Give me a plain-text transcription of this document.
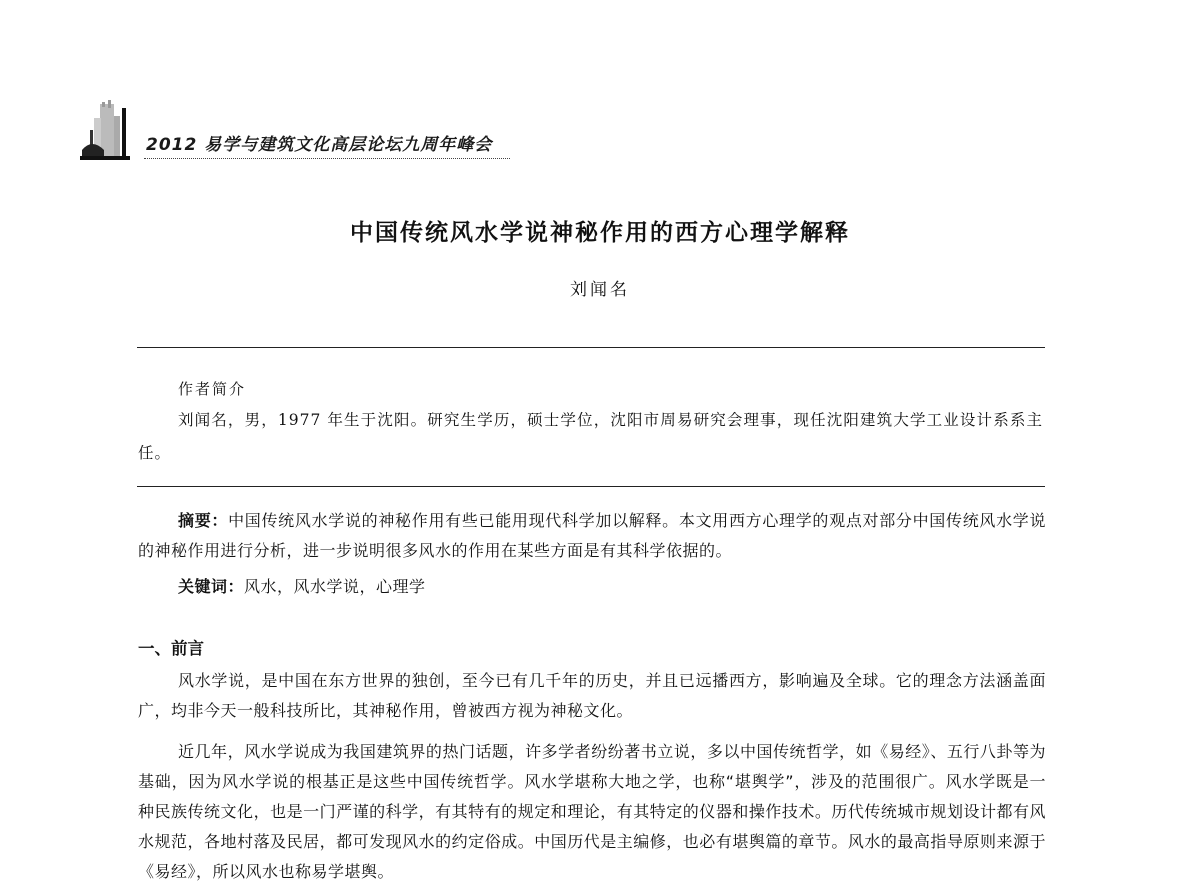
2012 易学与建筑文化高层论坛九周年峰会
中国传统风水学说神秘作用的西方心理学解释
刘闻名
作者简介
刘闻名，男，1977 年生于沈阳。研究生学历，硕士学位，沈阳市周易研究会理事，现任沈阳建筑大学工业设计系系主任。
摘要：中国传统风水学说的神秘作用有些已能用现代科学加以解释。本文用西方心理学的观点对部分中国传统风水学说的神秘作用进行分析，进一步说明很多风水的作用在某些方面是有其科学依据的。
关键词：风水，风水学说，心理学
一、前言
风水学说，是中国在东方世界的独创，至今已有几千年的历史，并且已远播西方，影响遍及全球。它的理念方法涵盖面广，均非今天一般科技所比，其神秘作用，曾被西方视为神秘文化。
近几年，风水学说成为我国建筑界的热门话题，许多学者纷纷著书立说，多以中国传统哲学，如《易经》、五行八卦等为基础，因为风水学说的根基正是这些中国传统哲学。风水学堪称大地之学，也称“堪舆学”，涉及的范围很广。风水学既是一种民族传统文化，也是一门严谨的科学，有其特有的规定和理论，有其特定的仪器和操作技术。历代传统城市规划设计都有风水规范，各地村落及民居，都可发现风水的约定俗成。中国历代是主编修，也必有堪舆篇的章节。风水的最高指导原则来源于《易经》，所以风水也称易学堪舆。
